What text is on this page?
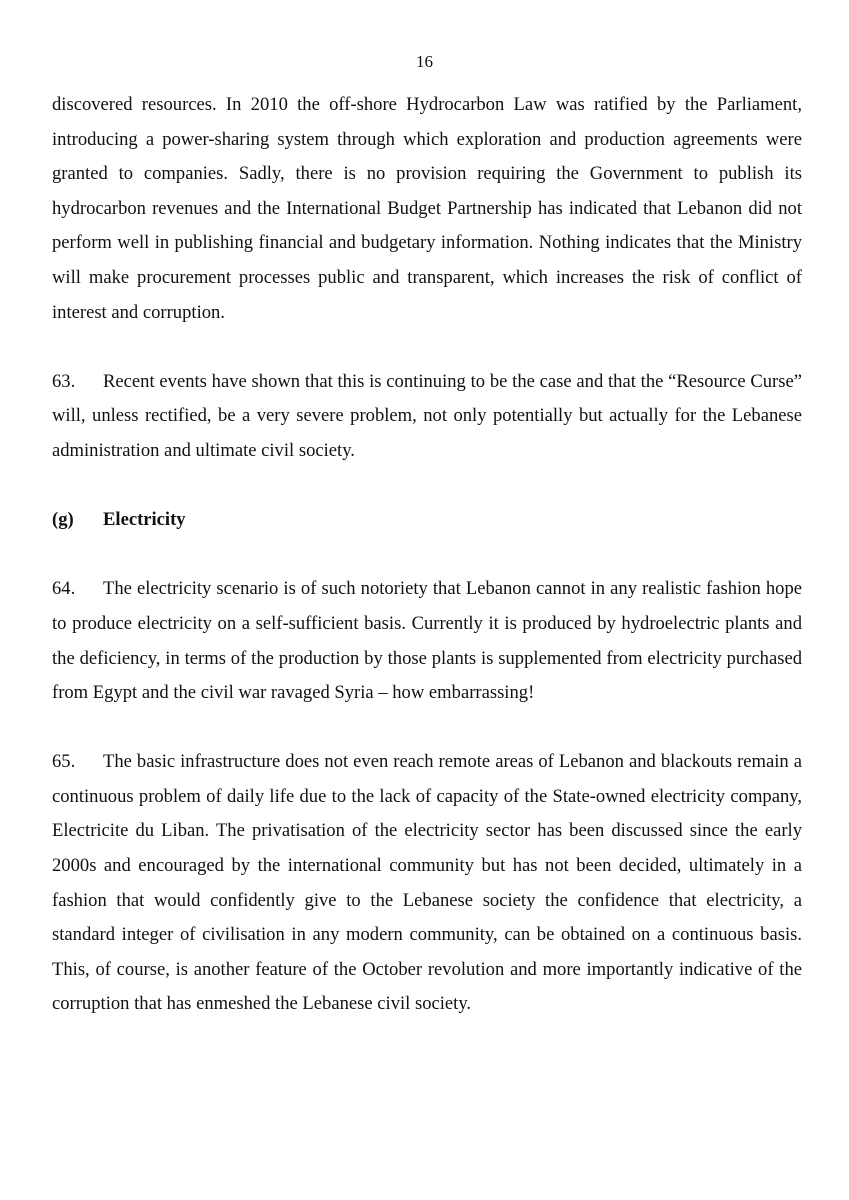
16

discovered resources. In 2010 the off-shore Hydrocarbon Law was ratified by the Parliament, introducing a power-sharing system through which exploration and production agreements were granted to companies. Sadly, there is no provision requiring the Government to publish its hydrocarbon revenues and the International Budget Partnership has indicated that Lebanon did not perform well in publishing financial and budgetary information. Nothing indicates that the Ministry will make procurement processes public and transparent, which increases the risk of conflict of interest and corruption.

63. Recent events have shown that this is continuing to be the case and that the “Resource Curse” will, unless rectified, be a very severe problem, not only potentially but actually for the Lebanese administration and ultimate civil society.

(g) Electricity

64. The electricity scenario is of such notoriety that Lebanon cannot in any realistic fashion hope to produce electricity on a self-sufficient basis. Currently it is produced by hydroelectric plants and the deficiency, in terms of the production by those plants is supplemented from electricity purchased from Egypt and the civil war ravaged Syria – how embarrassing!

65. The basic infrastructure does not even reach remote areas of Lebanon and blackouts remain a continuous problem of daily life due to the lack of capacity of the State-owned electricity company, Electricite du Liban. The privatisation of the electricity sector has been discussed since the early 2000s and encouraged by the international community but has not been decided, ultimately in a fashion that would confidently give to the Lebanese society the confidence that electricity, a standard integer of civilisation in any modern community, can be obtained on a continuous basis. This, of course, is another feature of the October revolution and more importantly indicative of the corruption that has enmeshed the Lebanese civil society.
